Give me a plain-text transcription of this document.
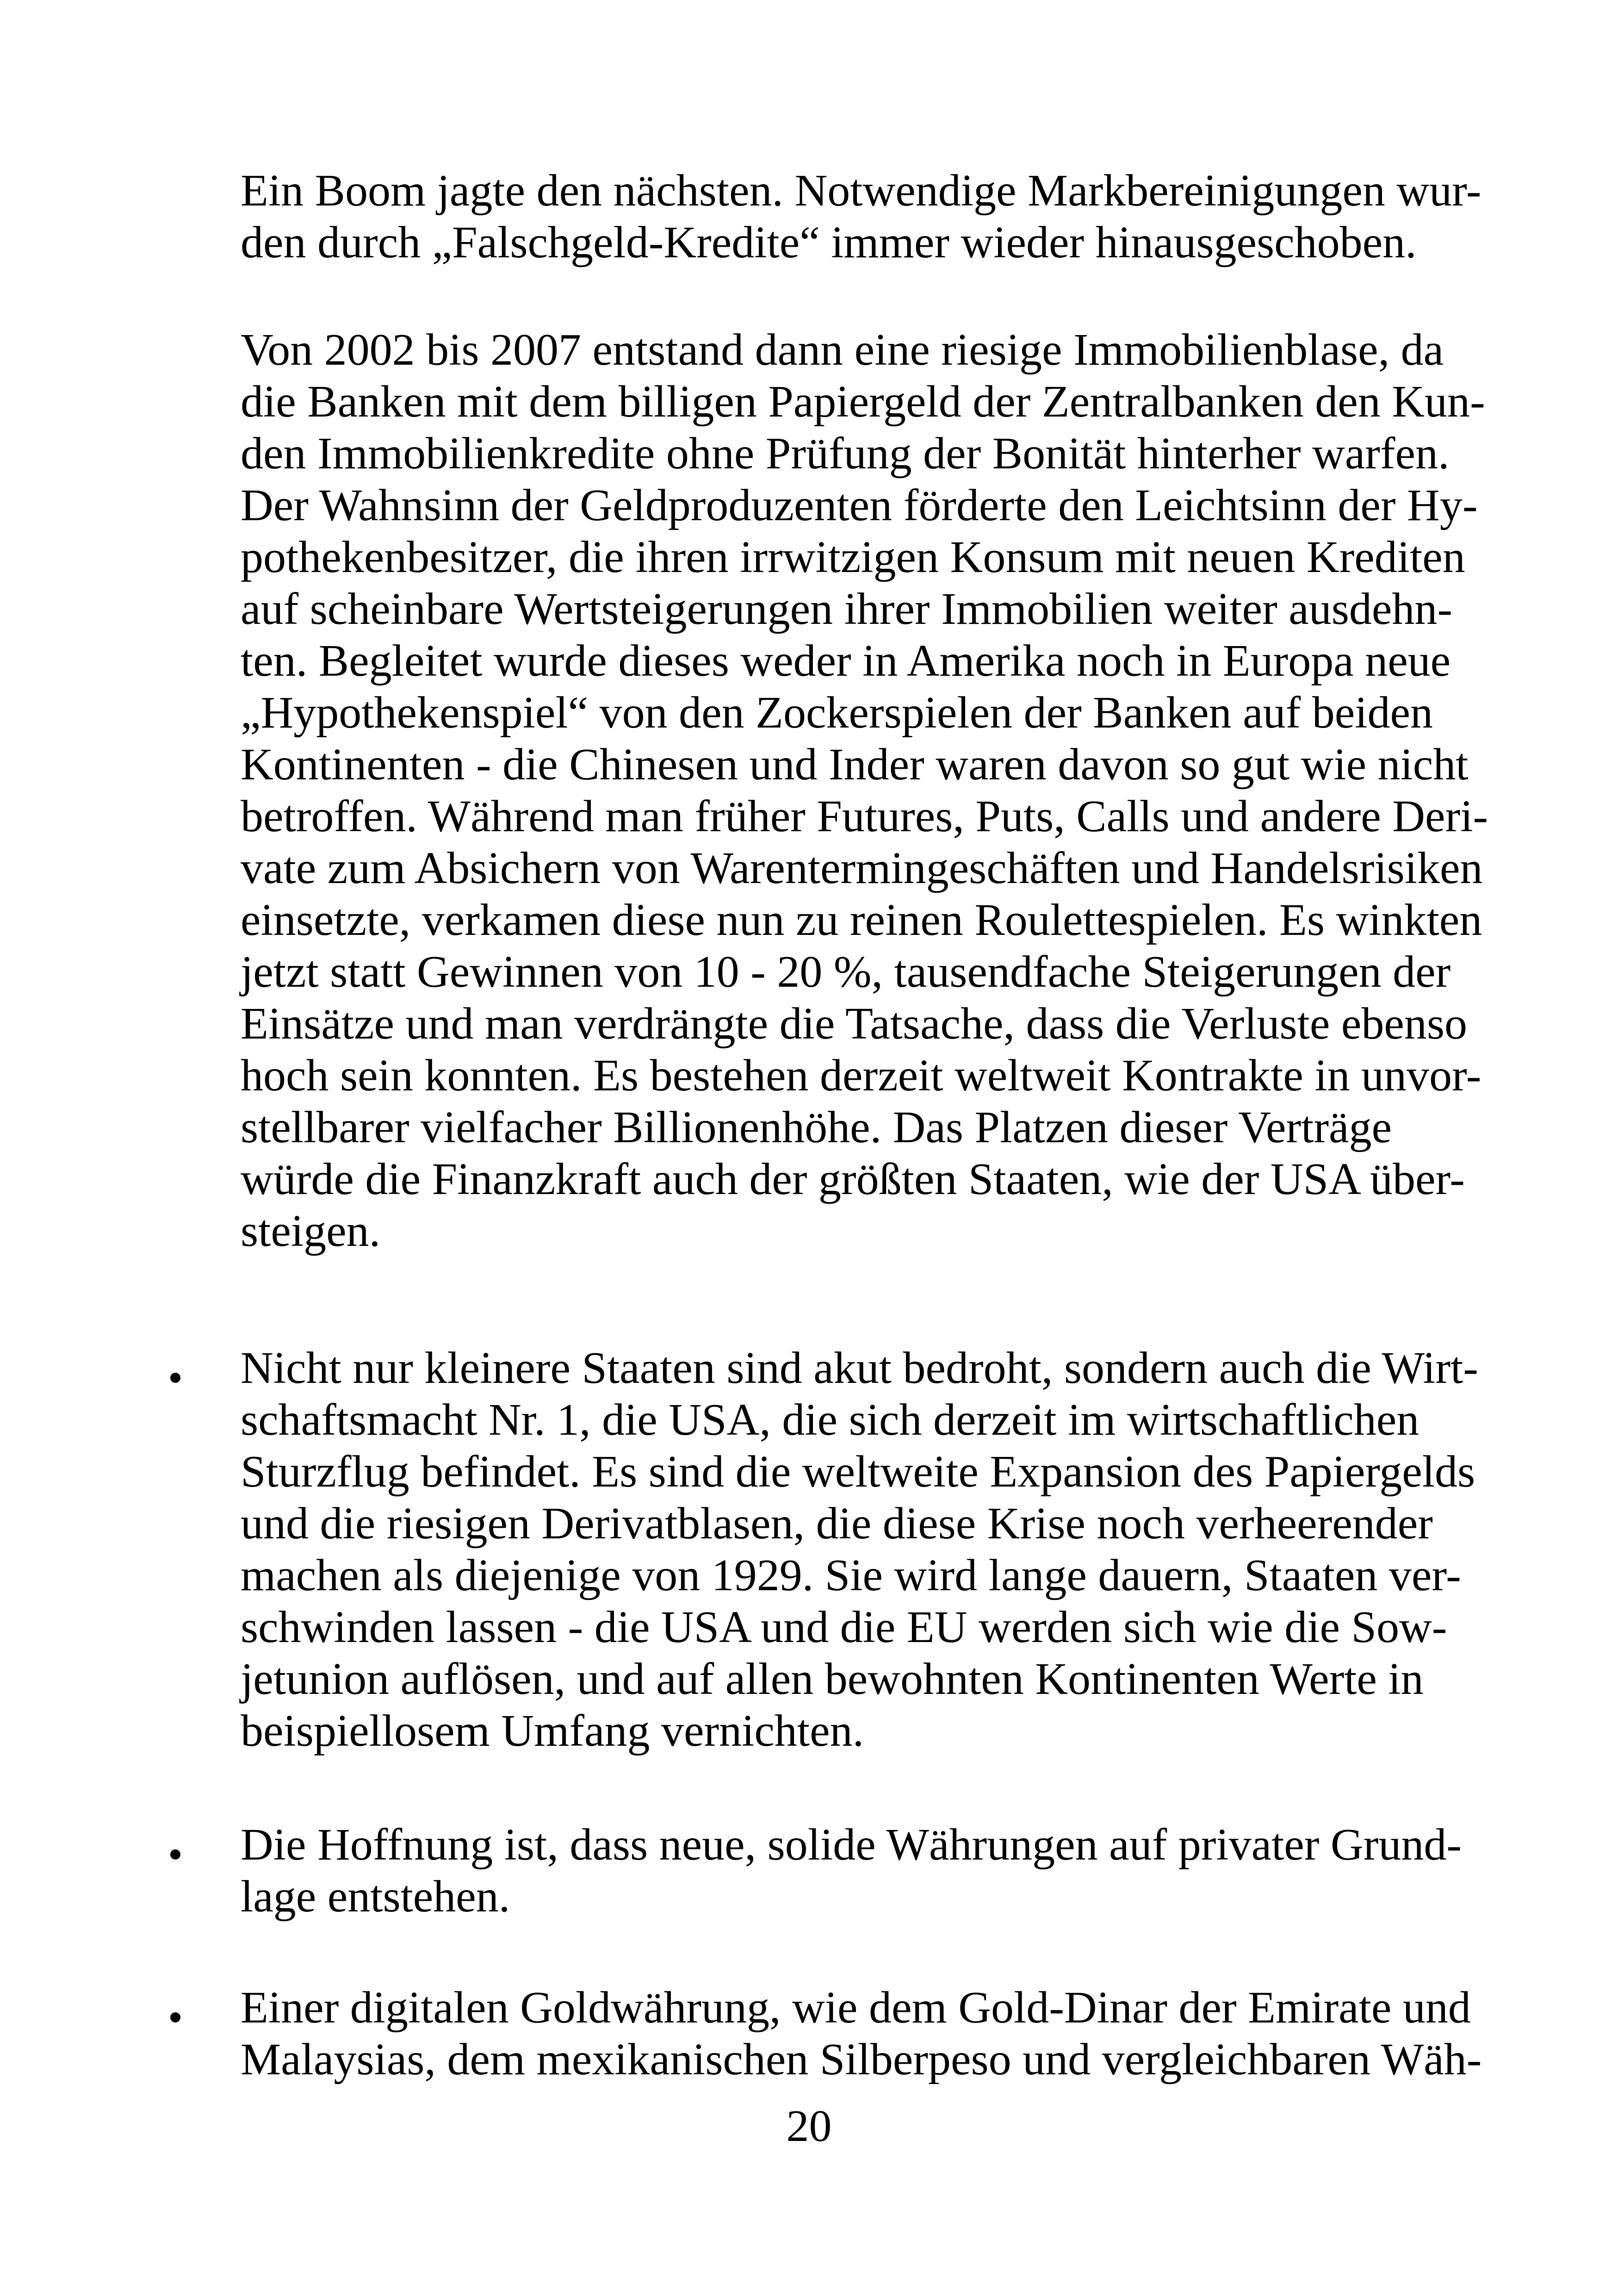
Ein Boom jagte den nächsten. Notwendige Markbereinigungen wur-
den durch „Falschgeld-Kredite“ immer wieder hinausgeschoben.
Von 2002 bis 2007 entstand dann eine riesige Immobilienblase, da
die Banken mit dem billigen Papiergeld der Zentralbanken den Kun-
den Immobilienkredite ohne Prüfung der Bonität hinterher warfen.
Der Wahnsinn der Geldproduzenten förderte den Leichtsinn der Hy-
pothekenbesitzer, die ihren irrwitzigen Konsum mit neuen Krediten
auf scheinbare Wertsteigerungen ihrer Immobilien weiter ausdehn-
ten. Begleitet wurde dieses weder in Amerika noch in Europa neue
„Hypothekenspiel“ von den Zockerspielen der Banken auf beiden
Kontinenten - die Chinesen und Inder waren davon so gut wie nicht
betroffen. Während man früher Futures, Puts, Calls und andere Deri-
vate zum Absichern von Warentermingeschäften und Handelsrisiken
einsetzte, verkamen diese nun zu reinen Roulettespielen. Es winkten
jetzt statt Gewinnen von 10 - 20 %, tausendfache Steigerungen der
Einsätze und man verdrängte die Tatsache, dass die Verluste ebenso
hoch sein konnten. Es bestehen derzeit weltweit Kontrakte in unvor-
stellbarer vielfacher Billionenhöhe. Das Platzen dieser Verträge
würde die Finanzkraft auch der größten Staaten, wie der USA über-
steigen.
Nicht nur kleinere Staaten sind akut bedroht, sondern auch die Wirt-
schaftsmacht Nr. 1, die USA, die sich derzeit im wirtschaftlichen
Sturzflug befindet. Es sind die weltweite Expansion des Papiergelds
und die riesigen Derivatblasen, die diese Krise noch verheerender
machen als diejenige von 1929. Sie wird lange dauern, Staaten ver-
schwinden lassen - die USA und die EU werden sich wie die Sow-
jetunion auflösen, und auf allen bewohnten Kontinenten Werte in
beispiellosem Umfang vernichten.
Die Hoffnung ist, dass neue, solide Währungen auf privater Grund-
lage entstehen.
Einer digitalen Goldwährung, wie dem Gold-Dinar der Emirate und
Malaysias, dem mexikanischen Silberpeso und vergleichbaren Wäh-
20
